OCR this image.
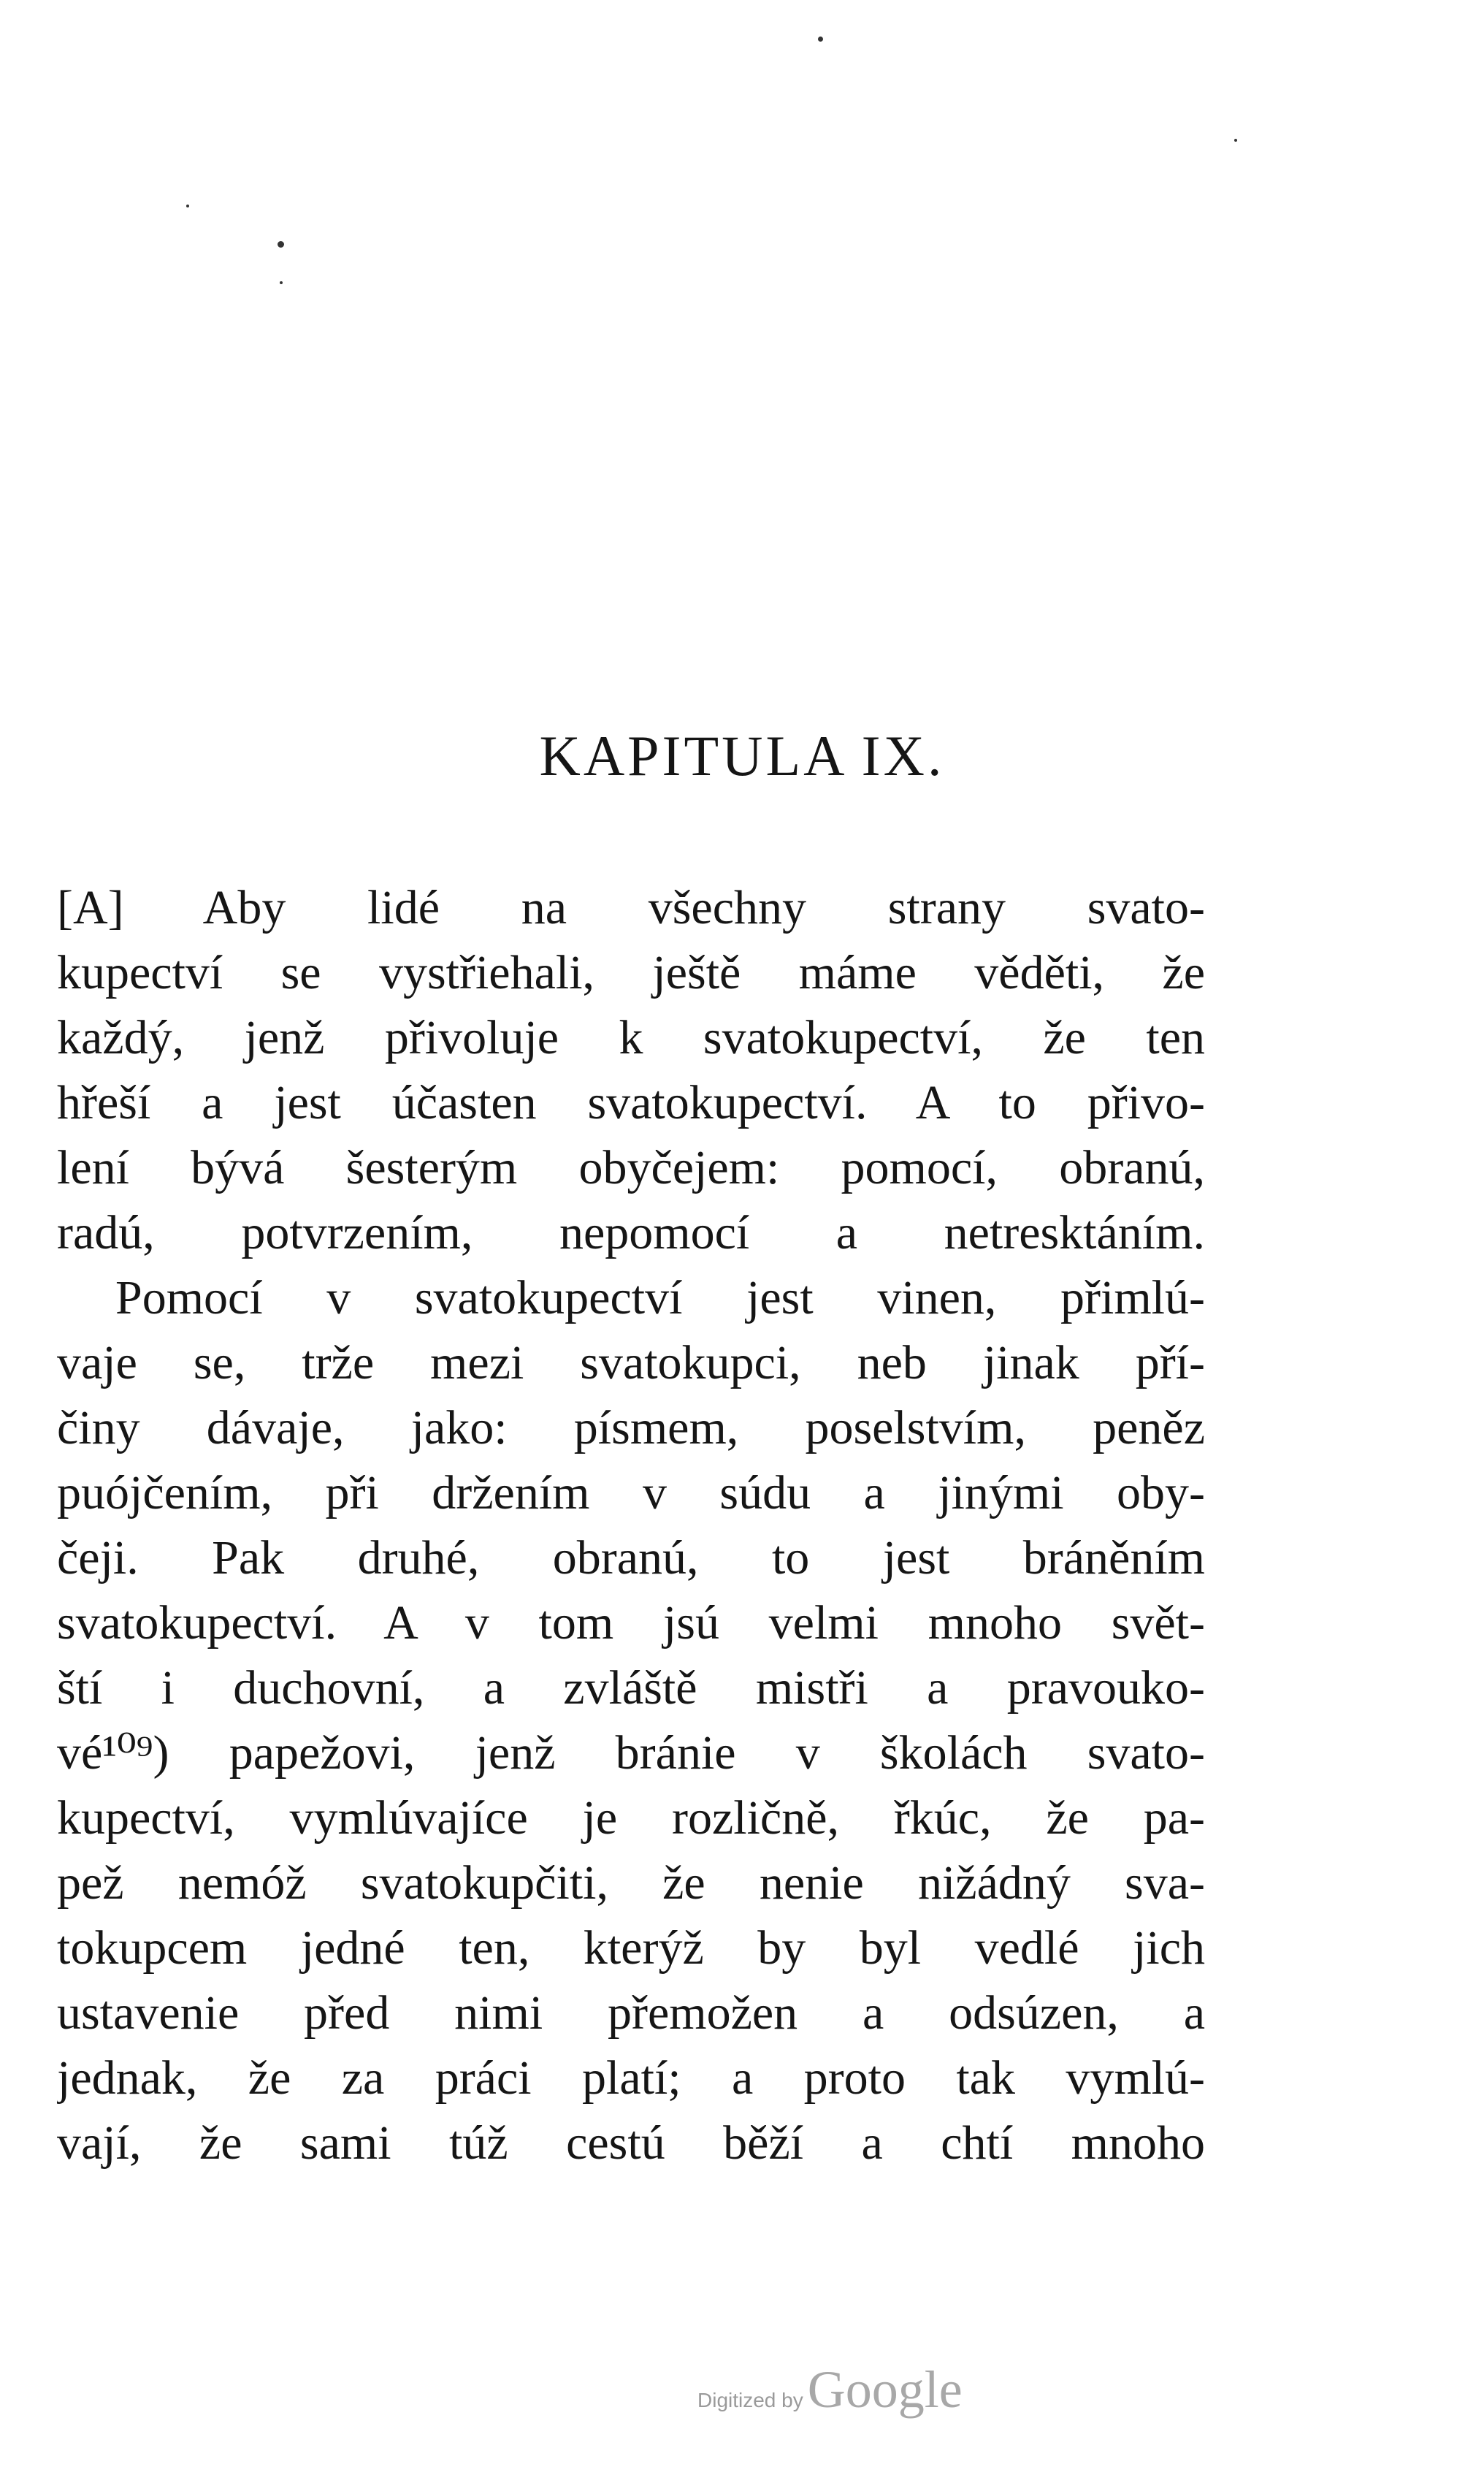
KAPITULA IX.
[A] Aby lidé na všechny strany svato-
kupectví se vystřiehali, ještě máme věděti, že
každý, jenž přivoluje k svatokupectví, že ten
hřeší a jest účasten svatokupectví. A to přivo-
lení bývá šesterým obyčejem: pomocí, obranú,
radú, potvrzením, nepomocí a netresktáním.
Pomocí v svatokupectví jest vinen, přimlú-
vaje se, trže mezi svatokupci, neb jinak pří-
činy dávaje, jako: písmem, poselstvím, peněz
puójčením, při držením v súdu a jinými oby-
čeji. Pak druhé, obranú, to jest bráněním
svatokupectví. A v tom jsú velmi mnoho svět-
ští i duchovní, a zvláště mistři a pravouko-
vé¹⁰⁹) papežovi, jenž bránie v školách svato-
kupectví, vymlúvajíce je rozličně, řkúc, že pa-
pež nemóž svatokupčiti, že nenie nižádný sva-
tokupcem jedné ten, kterýž by byl vedlé jich
ustavenie před nimi přemožen a odsúzen, a
jednak, že za práci platí; a proto tak vymlú-
vají, že sami túž cestú běží a chtí mnoho
Digitized by Google
